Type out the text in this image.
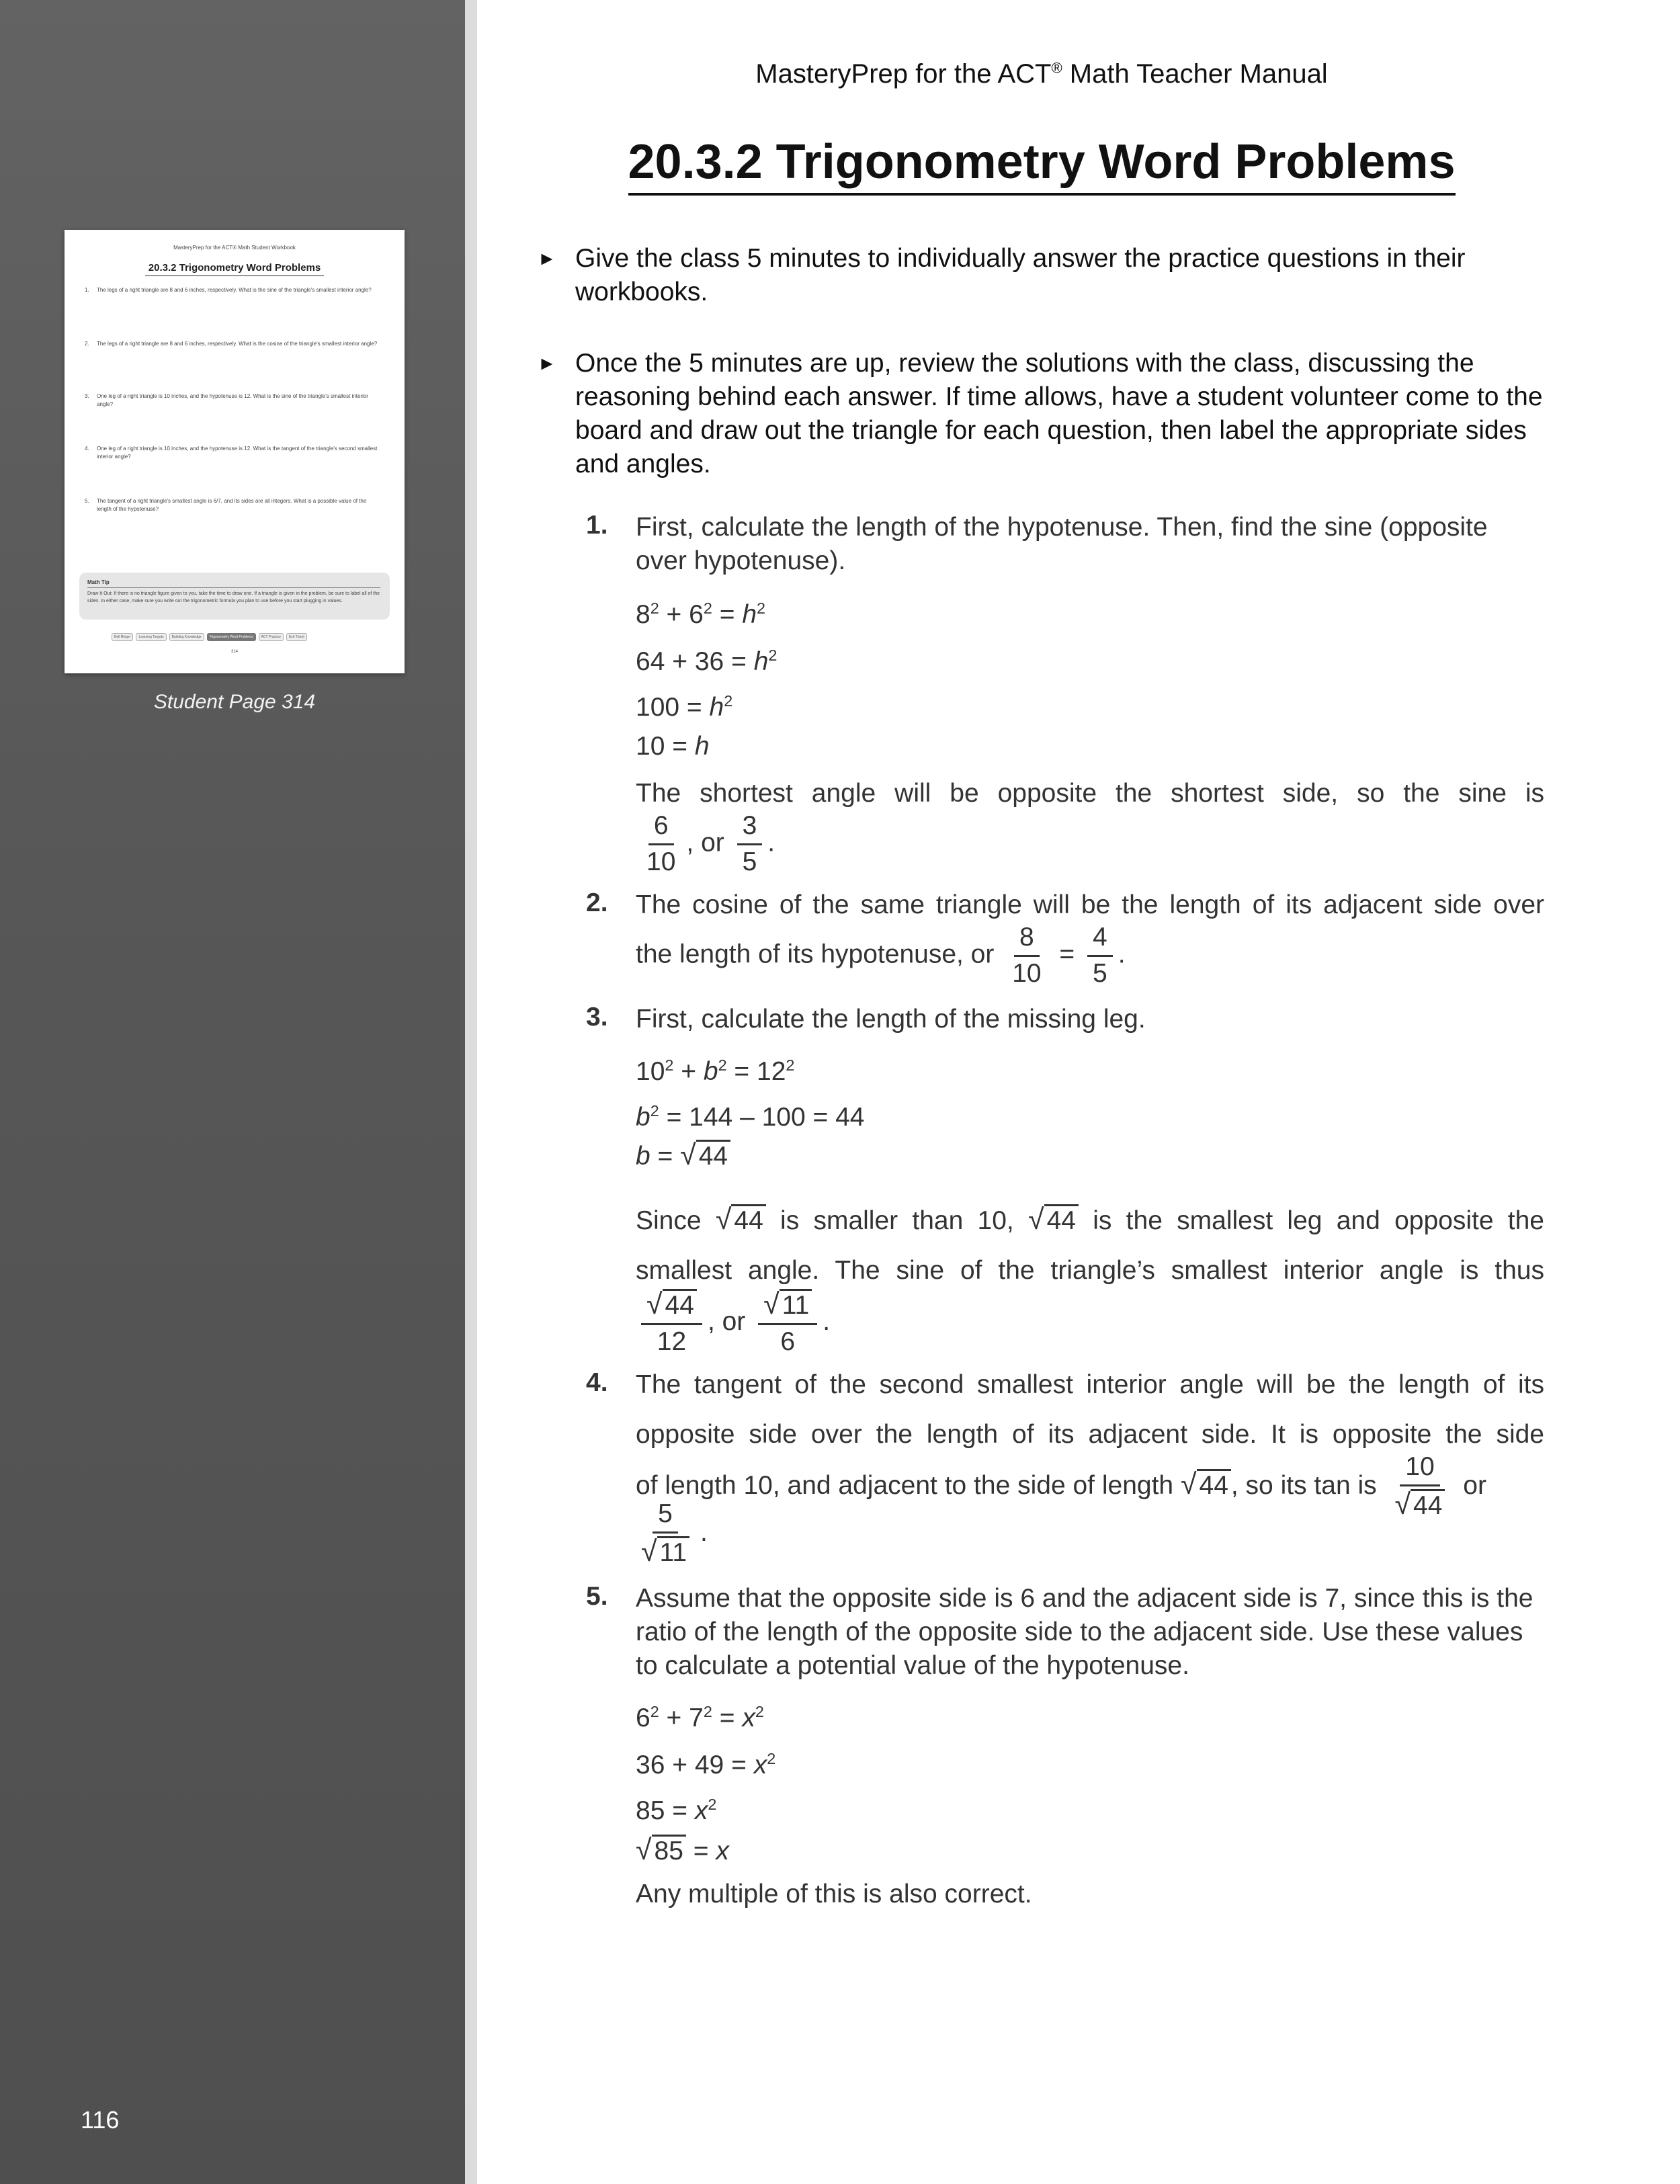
MasteryPrep for the ACT® Math Student Workbook
20.3.2 Trigonometry Word Problems
1. The legs of a right triangle are 8 and 6 inches, respectively. What is the sine of the triangle's smallest interior angle?
2. The legs of a right triangle are 8 and 6 inches, respectively. What is the cosine of the triangle's smallest interior angle?
3. One leg of a right triangle is 10 inches, and the hypotenuse is 12. What is the sine of the triangle's smallest interior angle?
4. One leg of a right triangle is 10 inches, and the hypotenuse is 12. What is the tangent of the triangle's second smallest interior angle?
5. The tangent of a right triangle's smallest angle is 6/7, and its sides are all integers. What is a possible value of the length of the hypotenuse?
Math Tip
Draw It Out: If there is no triangle figure given to you, take the time to draw one. If a triangle is given in the problem, be sure to label all of the sides. In either case, make sure you write out the trigonometric formula you plan to use before you start plugging in values.
Bell Ringer	Learning Targets	Building Knowledge	Trigonometry Word Problems	ACT Practice	Exit Ticket
314
Student Page 314
116
MasteryPrep for the ACT® Math Teacher Manual
20.3.2 Trigonometry Word Problems
► Give the class 5 minutes to individually answer the practice questions in their workbooks.
► Once the 5 minutes are up, review the solutions with the class, discussing the reasoning behind each answer. If time allows, have a student volunteer come to the board and draw out the triangle for each question, then label the appropriate sides and angles.
1. First, calculate the length of the hypotenuse. Then, find the sine (opposite over hypotenuse).
$8^2 + 6^2 = h^2$
$64 + 36 = h^2$
$100 = h^2$
10 = h
The shortest angle will be opposite the shortest side, so the sine is
$\frac{6}{10}$ , or $\frac{3}{5}$ .
2. The cosine of the same triangle will be the length of its adjacent side over
the length of its hypotenuse, or $\frac{8}{10} = \frac{4}{5}$ .
3. First, calculate the length of the missing leg.
$10^2 + b^2 = 12^2$
$b^2 = 144 - 100 = 44$
b = √ 44
Since √ 44 is smaller than 10, √ 44 is the smallest leg and opposite the
smallest angle. The sine of the triangle’s smallest interior angle is thus
$\frac{√ 44}{12}$ , or $\frac{√ 11}{6}$ .
4. The tangent of the second smallest interior angle will be the length of its
opposite side over the length of its adjacent side. It is opposite the side
of length 10, and adjacent to the side of length √ 44 , so its tan is $\frac{10}{√ 44}$ or
$\frac{5}{√ 11}$ .
5. Assume that the opposite side is 6 and the adjacent side is 7, since this is the ratio of the length of the opposite side to the adjacent side. Use these values to calculate a potential value of the hypotenuse.
$6^2 + 7^2 = x^2$
$36 + 49 = x^2$
$85 = x^2$
√ 85 = x
Any multiple of this is also correct.
